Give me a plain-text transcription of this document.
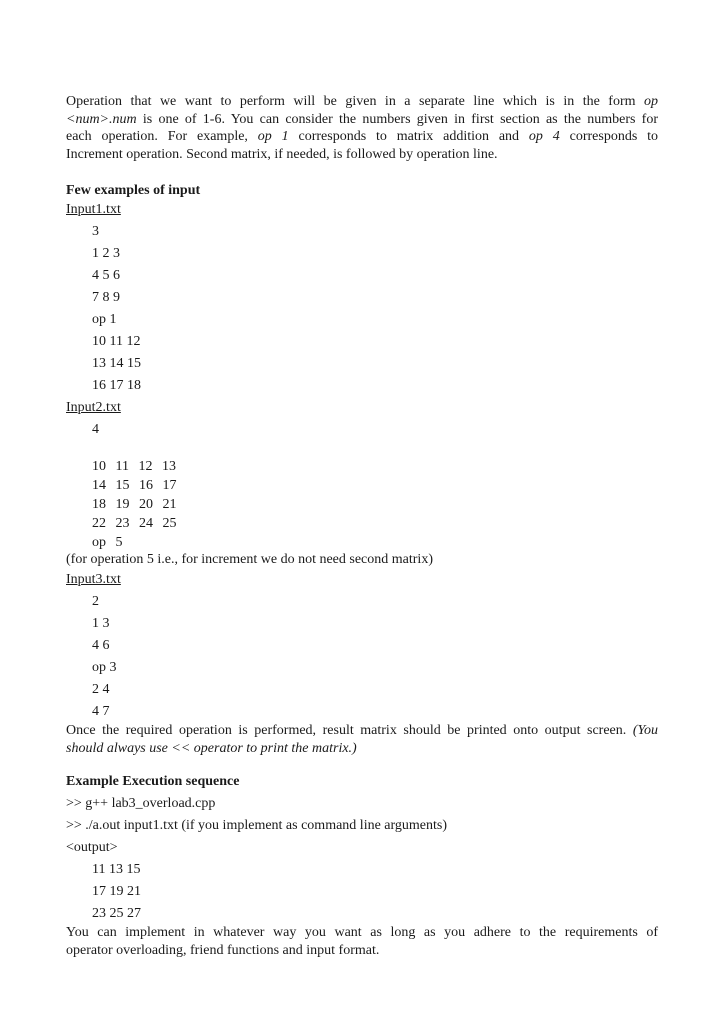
Operation that we want to perform will be given in a separate line which is in the form op
<num>.num is one of 1-6. You can consider the numbers given in first section as the numbers for
each operation. For example, op 1 corresponds to matrix addition and op 4 corresponds to
Increment operation. Second matrix, if needed, is followed by operation line.
Few examples of input
Input1.txt
3
1 2 3
4 5 6
7 8 9
op 1
10 11 12
13 14 15
16 17 18
Input2.txt
4
10 11 12 13
14 15 16 17
18 19 20 21
22 23 24 25
op 5
(for operation 5 i.e., for increment we do not need second matrix)
Input3.txt
2
1 3
4 6
op 3
2 4
4 7
Once the required operation is performed, result matrix should be printed onto output screen. (You
should always use << operator to print the matrix.)
Example Execution sequence
>> g++ lab3_overload.cpp
>> ./a.out input1.txt (if you implement as command line arguments)
<output>
11 13 15
17 19 21
23 25 27
You can implement in whatever way you want as long as you adhere to the requirements of
operator overloading, friend functions and input format.
